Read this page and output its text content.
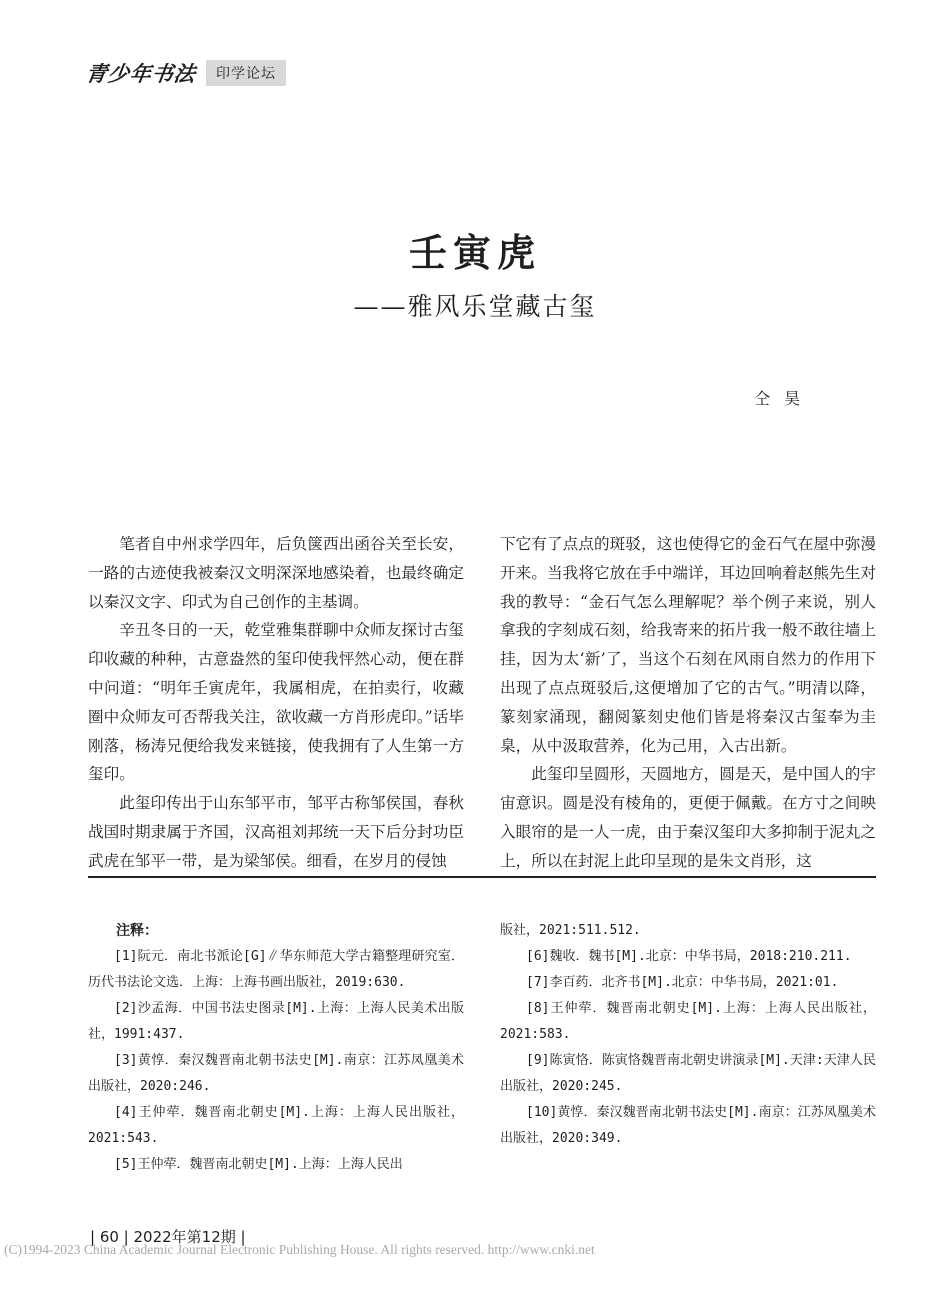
青少年书法	印学论坛
壬寅虎
——雅风乐堂藏古玺
仝昊

笔者自中州求学四年，后负箧西出函谷关至长安，一路的古迹使我被秦汉文明深深地感染着，也最终确定以秦汉文字、印式为自己创作的主基调。

辛丑冬日的一天，乾堂雅集群聊中众师友探讨古玺印收藏的种种，古意盎然的玺印使我怦然心动，便在群中问道：“明年壬寅虎年，我属相虎，在拍卖行，收藏圈中众师友可否帮我关注，欲收藏一方肖形虎印。”话毕刚落，杨涛兄便给我发来链接，使我拥有了人生第一方玺印。

此玺印传出于山东邹平市，邹平古称邹侯国，春秋战国时期隶属于齐国，汉高祖刘邦统一天下后分封功臣武虎在邹平一带，是为梁邹侯。细看，在岁月的侵蚀

下它有了点点的斑驳，这也使得它的金石气在屋中弥漫开来。当我将它放在手中端详，耳边回响着赵熊先生对我的教导：“金石气怎么理解呢？举个例子来说，别人拿我的字刻成石刻，给我寄来的拓片我一般不敢往墙上挂，因为太‘新’了，当这个石刻在风雨自然力的作用下出现了点点斑驳后,这便增加了它的古气。”明清以降，篆刻家涌现，翻阅篆刻史他们皆是将秦汉古玺奉为圭臬，从中汲取营养，化为己用，入古出新。

此玺印呈圆形，天圆地方，圆是天，是中国人的宇宙意识。圆是没有棱角的，更便于佩戴。在方寸之间映入眼帘的是一人一虎，由于秦汉玺印大多抑制于泥丸之上，所以在封泥上此印呈现的是朱文肖形，这

注释：

[1]阮元．南北书派论[G]∥华东师范大学古籍整理研究室．历代书法论文选．上海：上海书画出版社，2019:630.

[2]沙孟海．中国书法史图录[M].上海：上海人民美术出版社，1991:437.

[3]黄惇．秦汉魏晋南北朝书法史[M].南京：江苏凤凰美术出版社，2020:246.

[4]王仲荦．魏晋南北朝史[M].上海：上海人民出版社，2021:543.

[5]王仲荦．魏晋南北朝史[M].上海：上海人民出

版社，2021:511.512.

[6]魏收．魏书[M].北京：中华书局，2018:210.211.

[7]李百药．北齐书[M].北京：中华书局，2021:01.

[8]王仲荦．魏晋南北朝史[M].上海：上海人民出版社，2021:583.

[9]陈寅恪．陈寅恪魏晋南北朝史讲演录[M].天津:天津人民出版社，2020:245.

[10]黄惇．秦汉魏晋南北朝书法史[M].南京：江苏凤凰美术出版社，2020:349.

| 60 | 2022年第12期 |
(C)1994-2023 China Academic Journal Electronic Publishing House. All rights reserved. http://www.cnki.net
